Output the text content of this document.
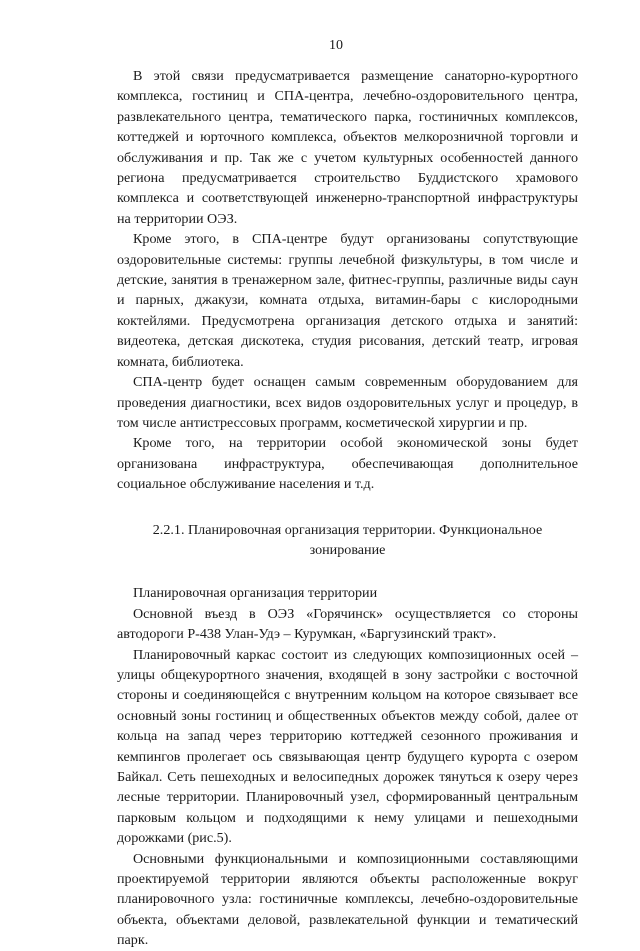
10

В этой связи предусматривается размещение санаторно-курортного комплекса, гостиниц и СПА-центра, лечебно-оздоровительного центра, развлекательного центра, тематического парка, гостиничных комплексов, коттеджей и юрточного комплекса, объектов мелкорозничной торговли и обслуживания и пр. Так же с учетом культурных особенностей данного региона предусматривается строительство Буддистского храмового комплекса и соответствующей инженерно-транспортной инфраструктуры на территории ОЭЗ.

Кроме этого, в СПА-центре будут организованы сопутствующие оздоровительные системы: группы лечебной физкультуры, в том числе и детские, занятия в тренажерном зале, фитнес-группы, различные виды саун и парных, джакузи, комната отдыха, витамин-бары с кислородными коктейлями. Предусмотрена организация детского отдыха и занятий: видеотека, детская дискотека, студия рисования, детский театр, игровая комната, библиотека.

СПА-центр будет оснащен самым современным оборудованием для проведения диагностики, всех видов оздоровительных услуг и процедур, в том числе антистрессовых программ, косметической хирургии и пр.

Кроме того, на территории особой экономической зоны будет организована инфраструктура, обеспечивающая дополнительное социальное обслуживание населения и т.д.

2.2.1. Планировочная организация территории. Функциональное зонирование

Планировочная организация территории

Основной въезд в ОЭЗ «Горячинск» осуществляется со стороны автодороги Р-438 Улан-Удэ – Курумкан, «Баргузинский тракт».

Планировочный каркас состоит из следующих композиционных осей – улицы общекурортного значения, входящей в зону застройки с восточной стороны и соединяющейся с внутренним кольцом на которое связывает все основный зоны гостиниц и общественных объектов между собой, далее от кольца на запад через территорию коттеджей сезонного проживания и кемпингов пролегает ось связывающая центр будущего курорта с озером Байкал. Сеть пешеходных и велосипедных дорожек тянуться к озеру через лесные территории. Планировочный узел, сформированный центральным парковым кольцом и подходящими к нему улицами и пешеходными дорожками (рис.5).

Основными функциональными и композиционными составляющими проектируемой территории являются объекты расположенные вокруг планировочного узла: гостиничные комплексы, лечебно-оздоровительные объекта, объектами деловой, развлекательной функции и тематический парк.
